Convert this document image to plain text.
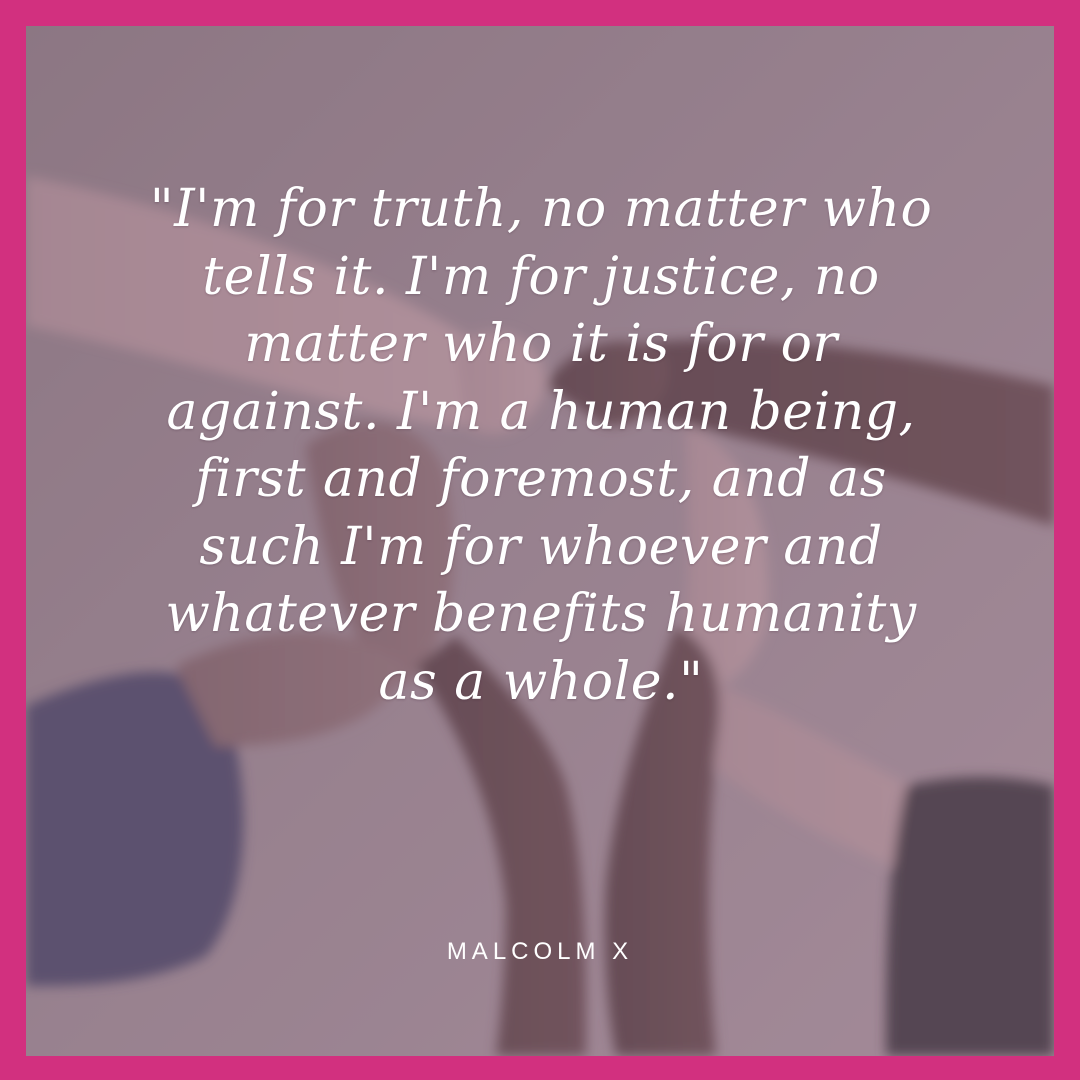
"I'm for truth, no matter who tells it. I'm for justice, no matter who it is for or against. I'm a human being, first and foremost, and as such I'm for whoever and whatever benefits humanity as a whole."

MALCOLM X
